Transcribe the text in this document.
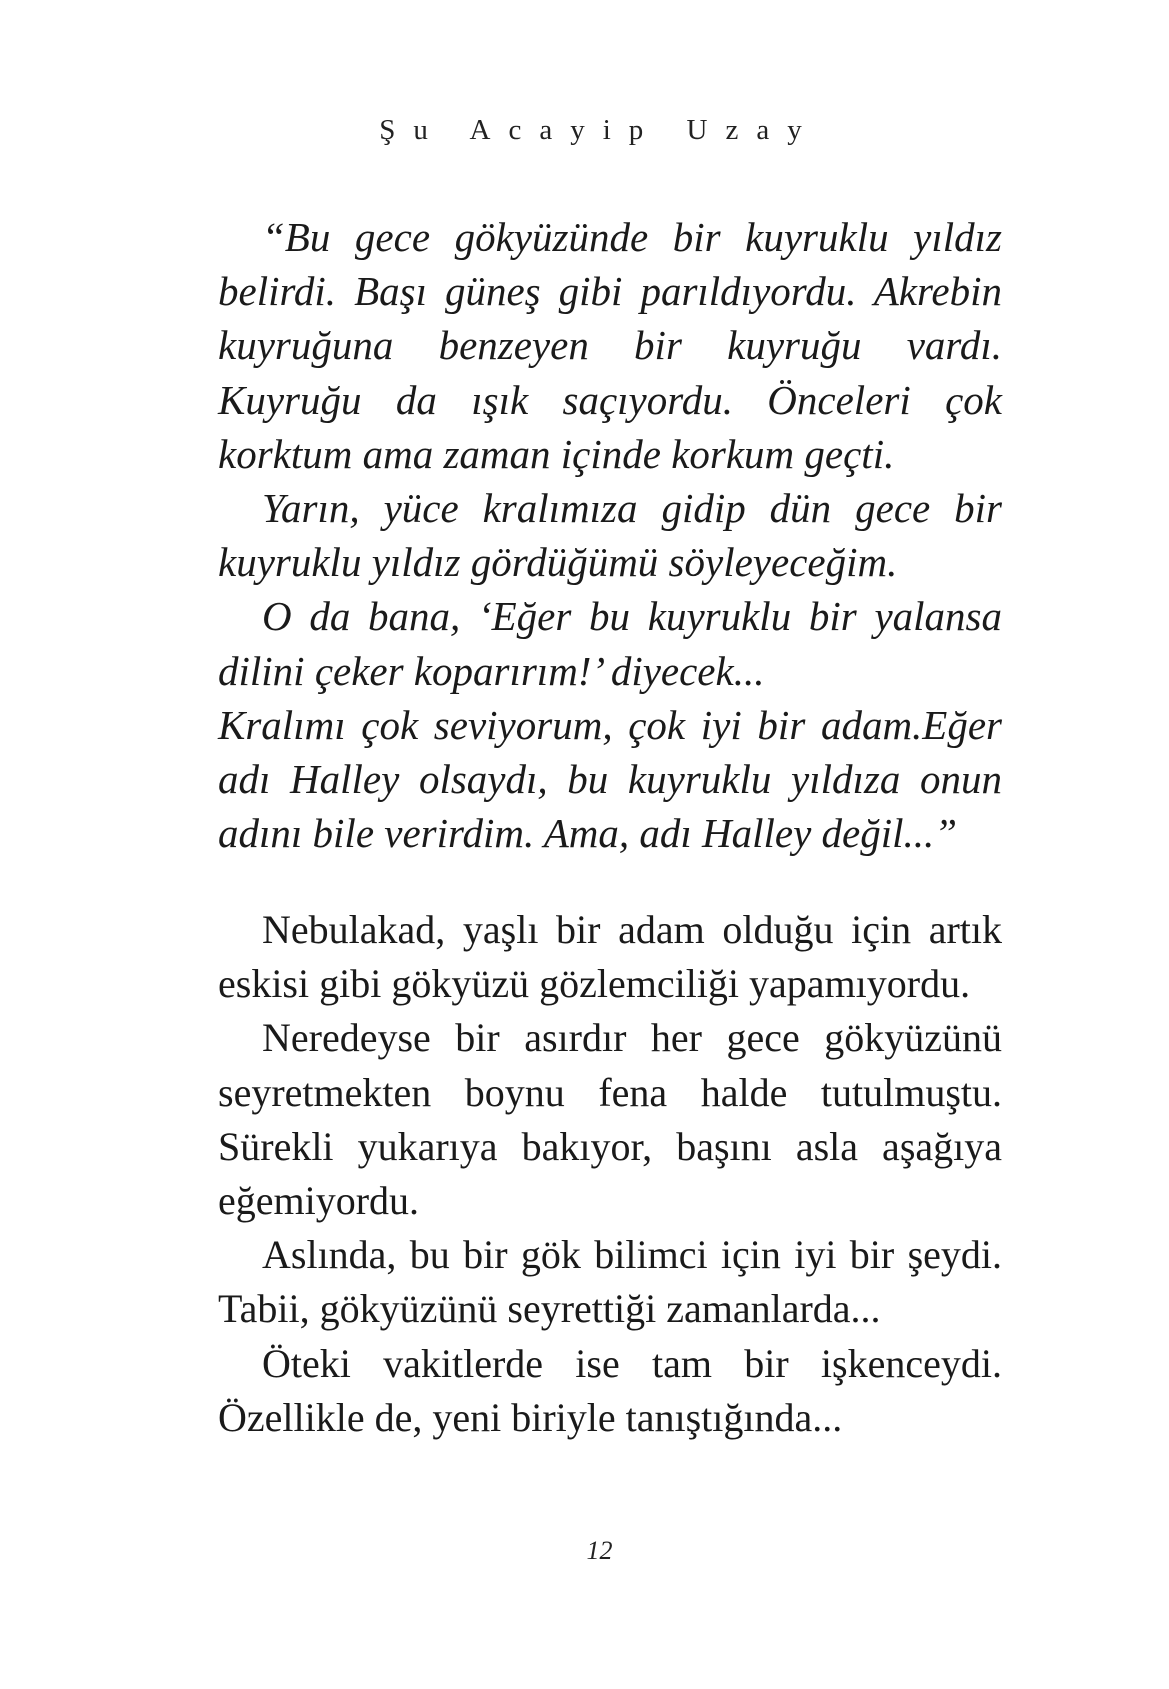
Şu Acayip Uzay

“Bu gece gökyüzünde bir kuyruklu yıldız belirdi. Başı güneş gibi parıldıyordu. Akrebin kuyruğuna benzeyen bir kuyruğu vardı. Kuyruğu da ışık saçıyordu. Önceleri çok korktum ama zaman içinde korkum geçti.

Yarın, yüce kralımıza gidip dün gece bir kuyruklu yıldız gördüğümü söyleyeceğim.

O da bana, ‘Eğer bu kuyruklu bir yalansa dilini çeker koparırım!’ diyecek...

Kralımı çok seviyorum, çok iyi bir adam.Eğer adı Halley olsaydı, bu kuyruklu yıldıza onun adını bile verirdim. Ama, adı Halley değil...”

Nebulakad, yaşlı bir adam olduğu için artık eskisi gibi gökyüzü gözlemciliği yapamıyordu.

Neredeyse bir asırdır her gece gökyüzünü seyretmekten boynu fena halde tutulmuştu. Sürekli yukarıya bakıyor, başını asla aşağıya eğemiyordu.

Aslında, bu bir gök bilimci için iyi bir şeydi. Tabii, gökyüzünü seyrettiği zamanlarda...

Öteki vakitlerde ise tam bir işkenceydi. Özellikle de, yeni biriyle tanıştığında...

12
